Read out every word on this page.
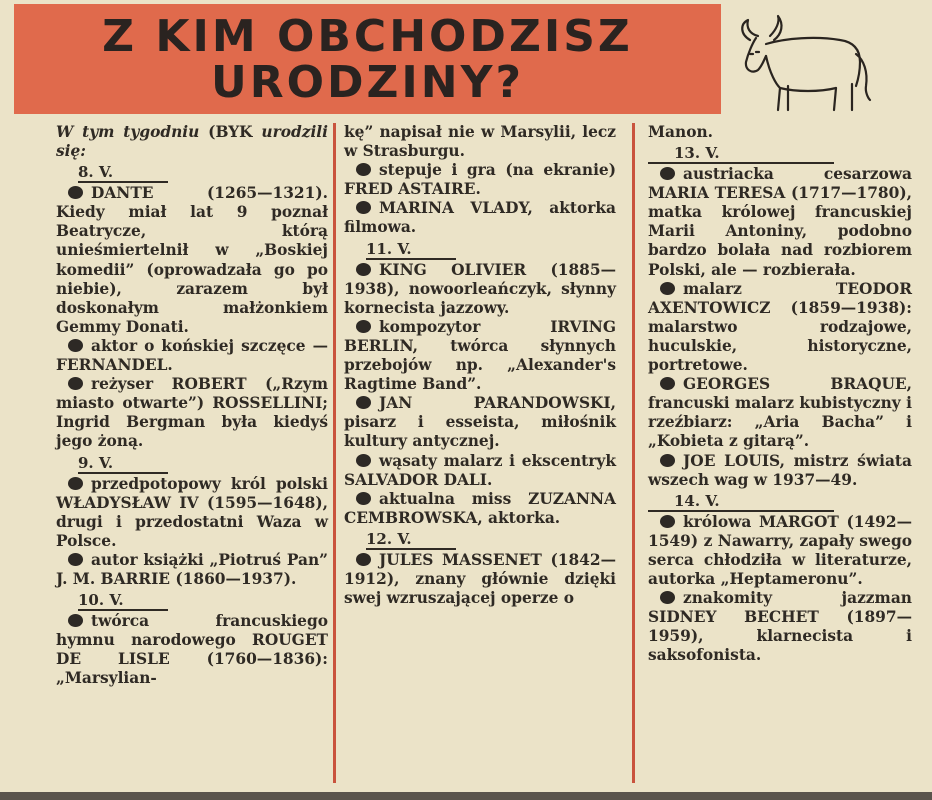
Z KIM OBCHODZISZ
URODZINY?
W tym tygodniu (BYK urodzili się:
8. V.
DANTE (1265—1321). Kiedy miał lat 9 poznał Beatrycze, którą unieśmiertelnił w „Boskiej komedii” (oprowadzała go po niebie), zarazem był doskonałym małżonkiem Gemmy Donati.
aktor o końskiej szczęce — FERNANDEL.
reżyser ROBERT („Rzym miasto otwarte”) ROSSELLINI; Ingrid Bergman była kiedyś jego żoną.
9. V.
przedpotopowy król polski WŁADYSŁAW IV (1595—1648), drugi i przedostatni Waza w Polsce.
autor książki „Piotruś Pan” J. M. BARRIE (1860—1937).
10. V.
twórca francuskiego hymnu narodowego ROUGET DE LISLE (1760—1836): „Marsylian-
kę” napisał nie w Marsylii, lecz w Strasburgu.
stepuje i gra (na ekranie) FRED ASTAIRE.
MARINA VLADY, aktorka filmowa.
11. V.
KING OLIVIER (1885—1938), nowoorleańczyk, słynny kornecista jazzowy.
kompozytor IRVING BERLIN, twórca słynnych przebojów np. „Alexander's Ragtime Band”.
JAN PARANDOWSKI, pisarz i esseista, miłośnik kultury antycznej.
wąsaty malarz i ekscentryk SALVADOR DALI.
aktualna miss ZUZANNA CEMBROWSKA, aktorka.
12. V.
JULES MASSENET (1842—1912), znany głównie dzięki swej wzruszającej operze o
Manon.
13. V.
austriacka cesarzowa MARIA TERESA (1717—1780), matka królowej francuskiej Marii Antoniny, podobno bardzo bolała nad rozbiorem Polski, ale — rozbierała.
malarz TEODOR AXENTOWICZ (1859—1938): malarstwo rodzajowe, huculskie, historyczne, portretowe.
GEORGES BRAQUE, francuski malarz kubistyczny i rzeźbiarz: „Aria Bacha” i „Kobieta z gitarą”.
JOE LOUIS, mistrz świata wszech wag w 1937—49.
14. V.
królowa MARGOT (1492—1549) z Nawarry, zapały swego serca chłodziła w literaturze, autorka „Heptameronu”.
znakomity jazzman SIDNEY BECHET (1897—1959), klarnecista i saksofonista.
